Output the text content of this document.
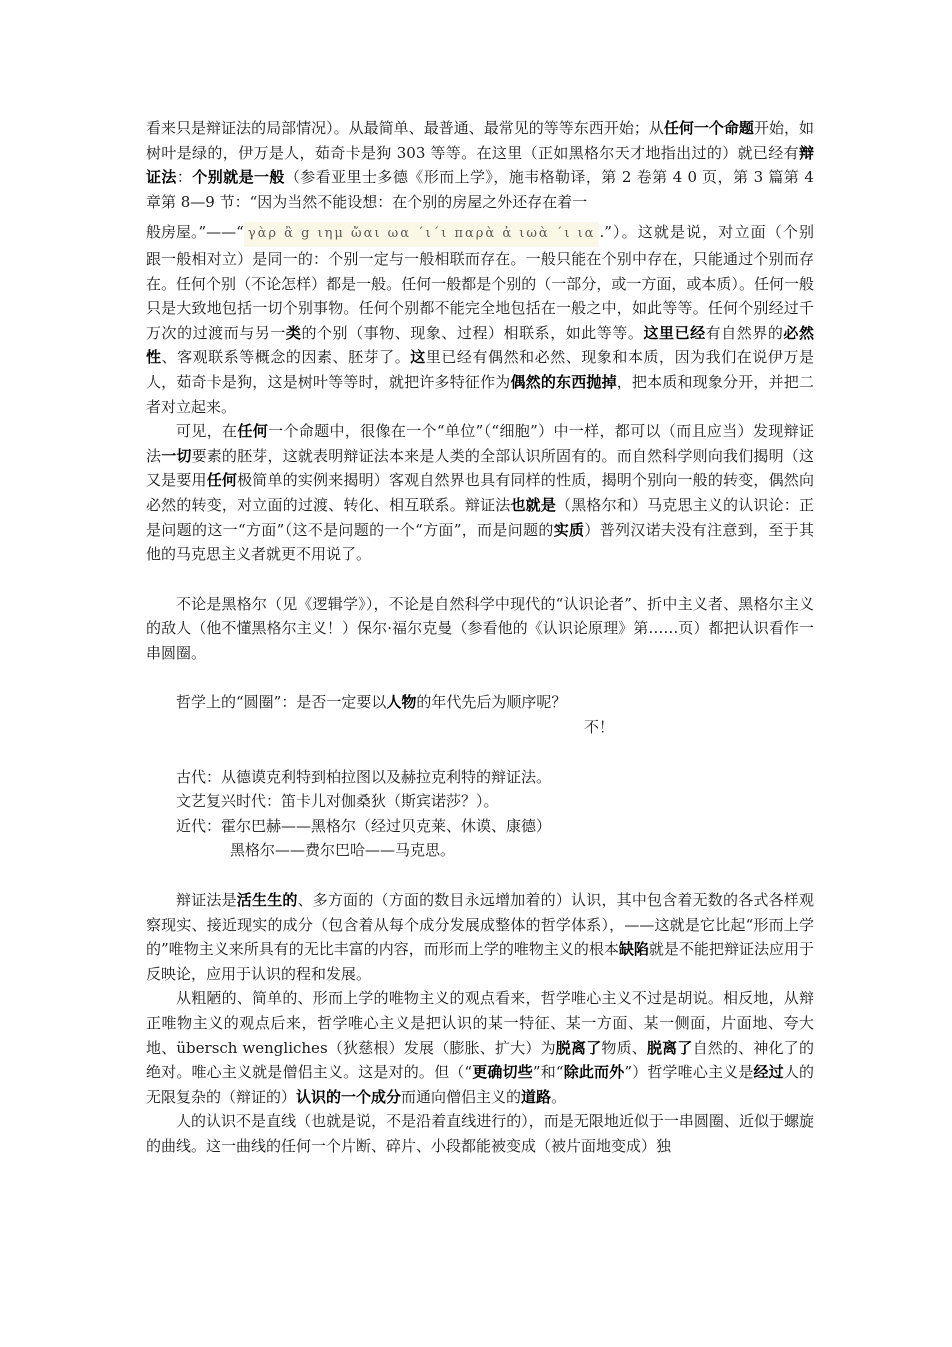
看来只是辩证法的局部情况）。从最简单、最普通、最常见的等等东西开始；从任何一个命题开始，如树叶是绿的，伊万是人，茹奇卡是狗 303 等等。在这里（正如黑格尔天才地指出过的）就已经有辩证法：个别就是一般（参看亚里士多德《形而上学》，施韦格勒译，第 2 卷第 4 0 页，第 3 篇第 4 章第 8—9 节：“因为当然不能设想：在个别的房屋之外还存在着一
般房屋。”——“ γὰρ ἂ g ιημ ὤαι ωα ΄ι΄ι παρὰ ἀ ιωὰ ΄ι ια .”）。这就是说，对立面（个别跟一般相对立）是同一的：个别一定与一般相联而存在。一般只能在个别中存在，只能通过个别而存在。任何个别（不论怎样）都是一般。任何一般都是个别的（一部分，或一方面，或本质）。任何一般只是大致地包括一切个别事物。任何个别都不能完全地包括在一般之中，如此等等。任何个别经过千万次的过渡而与另一类的个别（事物、现象、过程）相联系，如此等等。这里已经有自然界的必然性、客观联系等概念的因素、胚芽了。这里已经有偶然和必然、现象和本质，因为我们在说伊万是人，茹奇卡是狗，这是树叶等等时，就把许多特征作为偶然的东西抛掉，把本质和现象分开，并把二者对立起来。

可见，在任何一个命题中，很像在一个“单位”（“细胞”）中一样，都可以（而且应当）发现辩证法一切要素的胚芽，这就表明辩证法本来是人类的全部认识所固有的。而自然科学则向我们揭明（这又是要用任何极简单的实例来揭明）客观自然界也具有同样的性质，揭明个别向一般的转变，偶然向必然的转变，对立面的过渡、转化、相互联系。辩证法也就是（黑格尔和）马克思主义的认识论：正是问题的这一“方面”（这不是问题的一个“方面”，而是问题的实质）普列汉诺夫没有注意到，至于其他的马克思主义者就更不用说了。

不论是黑格尔（见《逻辑学》），不论是自然科学中现代的“认识论者”、折中主义者、黑格尔主义的敌人（他不懂黑格尔主义！）保尔·福尔克曼（参看他的《认识论原理》第……页）都把认识看作一串圆圈。

哲学上的“圆圈”：是否一定要以人物的年代先后为顺序呢？

不！

古代：从德谟克利特到柏拉图以及赫拉克利特的辩证法。

文艺复兴时代：笛卡儿对伽桑狄（斯宾诺莎？）。

近代：霍尔巴赫——黑格尔（经过贝克莱、休谟、康德）

黑格尔——费尔巴哈——马克思。

辩证法是活生生的、多方面的（方面的数目永远增加着的）认识，其中包含着无数的各式各样观察现实、接近现实的成分（包含着从每个成分发展成整体的哲学体系），——这就是它比起“形而上学的”唯物主义来所具有的无比丰富的内容，而形而上学的唯物主义的根本缺陷就是不能把辩证法应用于反映论，应用于认识的程和发展。

从粗陋的、简单的、形而上学的唯物主义的观点看来，哲学唯心主义不过是胡说。相反地，从辩正唯物主义的观点后来，哲学唯心主义是把认识的某一特征、某一方面、某一侧面，片面地、夸大地、übersch wengliches（狄慈根）发展（膨胀、扩大）为脱离了物质、脱离了自然的、神化了的绝对。唯心主义就是僧侣主义。这是对的。但（“更确切些”和“除此而外”）哲学唯心主义是经过人的无限复杂的（辩证的）认识的一个成分而通向僧侣主义的道路。

人的认识不是直线（也就是说，不是沿着直线进行的），而是无限地近似于一串圆圈、近似于螺旋的曲线。这一曲线的任何一个片断、碎片、小段都能被变成（被片面地变成）独
